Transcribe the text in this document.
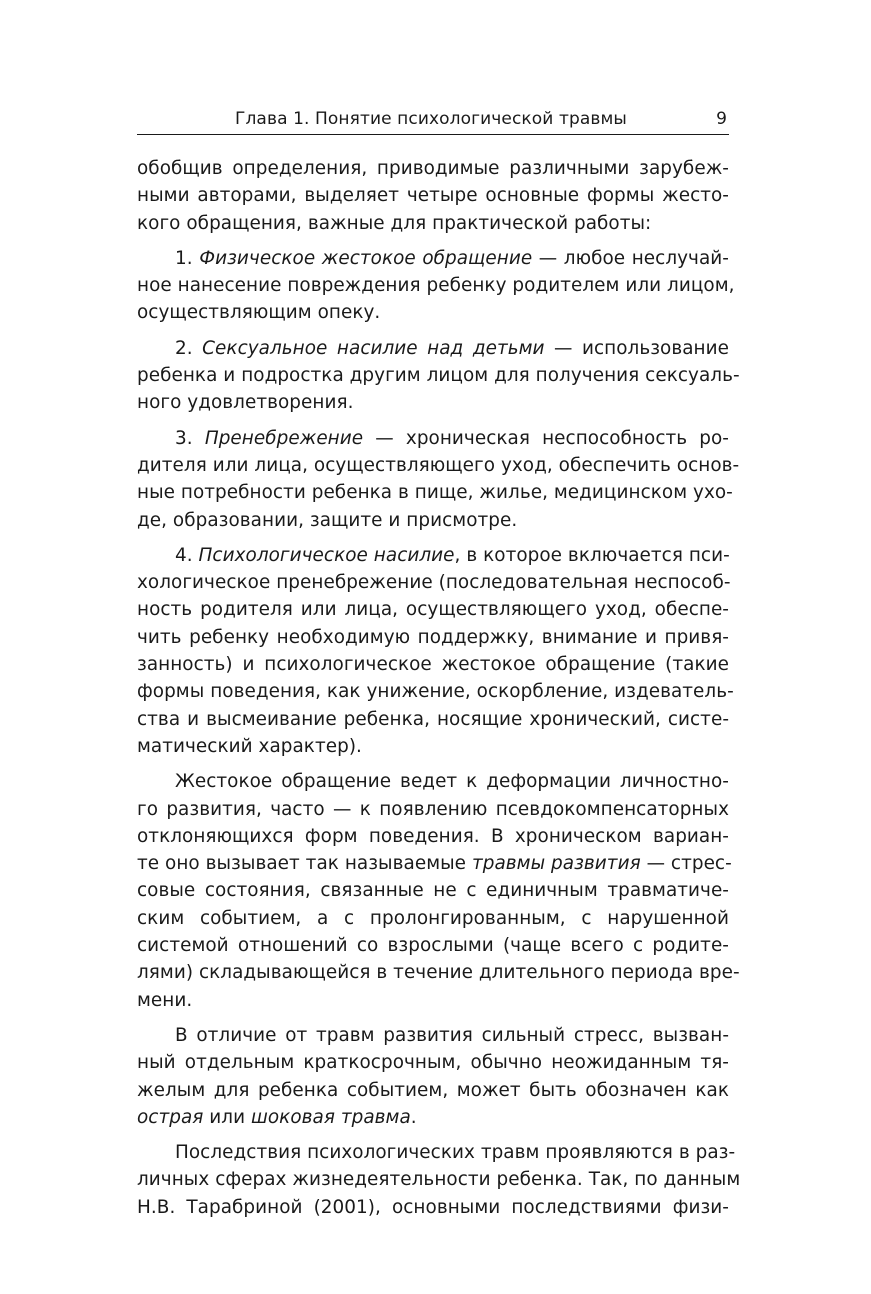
Глава 1. Понятие психологической травмы	9
обобщив определения, приводимые различными зарубеж-
ными авторами, выделяет четыре основные формы жесто-
кого обращения, важные для практической работы:
1. Физическое жестокое обращение — любое неслучай-
ное нанесение повреждения ребенку родителем или лицом,
осуществляющим опеку.
2. Сексуальное насилие над детьми — использование
ребенка и подростка другим лицом для получения сексуаль-
ного удовлетворения.
3. Пренебрежение — хроническая неспособность ро-
дителя или лица, осуществляющего уход, обеспечить основ-
ные потребности ребенка в пище, жилье, медицинском ухо-
де, образовании, защите и присмотре.
4. Психологическое насилие, в которое включается пси-
хологическое пренебрежение (последовательная неспособ-
ность родителя или лица, осуществляющего уход, обеспе-
чить ребенку необходимую поддержку, внимание и привя-
занность) и психологическое жестокое обращение (такие
формы поведения, как унижение, оскорбление, издеватель-
ства и высмеивание ребенка, носящие хронический, систе-
матический характер).
Жестокое обращение ведет к деформации личностно-
го развития, часто — к появлению псевдокомпенсаторных
отклоняющихся форм поведения. В хроническом вариан-
те оно вызывает так называемые травмы развития — стрес-
совые состояния, связанные не с единичным травматиче-
ским событием, а с пролонгированным, с нарушенной
системой отношений со взрослыми (чаще всего с родите-
лями) складывающейся в течение длительного периода вре-
мени.
В отличие от травм развития сильный стресс, вызван-
ный отдельным краткосрочным, обычно неожиданным тя-
желым для ребенка событием, может быть обозначен как
острая или шоковая травма.
Последствия психологических травм проявляются в раз-
личных сферах жизнедеятельности ребенка. Так, по данным
Н.В. Тарабриной (2001), основными последствиями физи-
